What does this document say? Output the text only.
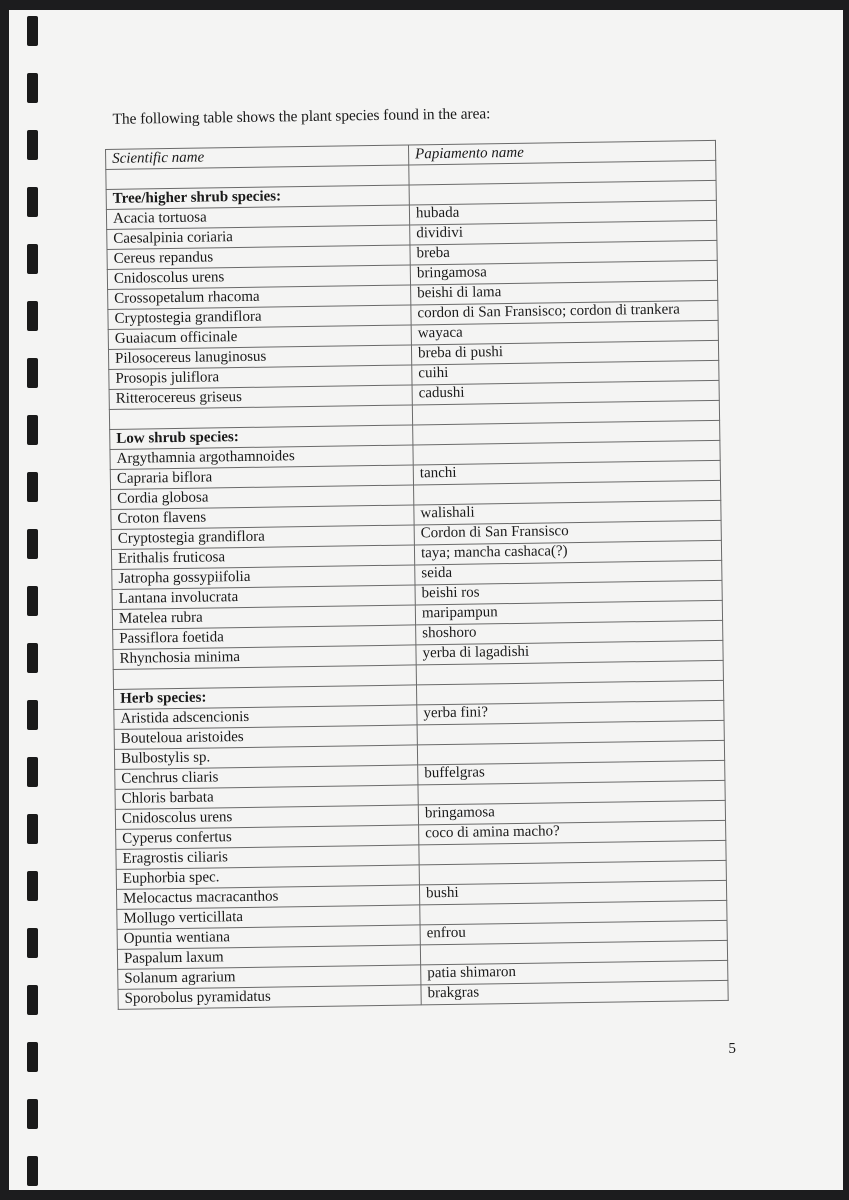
The following table shows the plant species found in the area:
Scientific name	Papiamento name

Tree/higher shrub species:	
Acacia tortuosa	hubada
Caesalpinia coriaria	dividivi
Cereus repandus	breba
Cnidoscolus urens	bringamosa
Crossopetalum rhacoma	beishi di lama
Cryptostegia grandiflora	cordon di San Fransisco; cordon di trankera
Guaiacum officinale	wayaca
Pilosocereus lanuginosus	breba di pushi
Prosopis juliflora	cuihi
Ritterocereus griseus	cadushi

Low shrub species:	
Argythamnia argothamnoides	
Capraria biflora	tanchi
Cordia globosa	
Croton flavens	walishali
Cryptostegia grandiflora	Cordon di San Fransisco
Erithalis fruticosa	taya; mancha cashaca(?)
Jatropha gossypiifolia	seida
Lantana involucrata	beishi ros
Matelea rubra	maripampun
Passiflora foetida	shoshoro
Rhynchosia minima	yerba di lagadishi

Herb species:	
Aristida adscencionis	yerba fini?
Bouteloua aristoides	
Bulbostylis sp.	
Cenchrus cliaris	buffelgras
Chloris barbata	
Cnidoscolus urens	bringamosa
Cyperus confertus	coco di amina macho?
Eragrostis ciliaris	
Euphorbia spec.	
Melocactus macracanthos	bushi
Mollugo verticillata	
Opuntia wentiana	enfrou
Paspalum laxum	
Solanum agrarium	patia shimaron
Sporobolus pyramidatus	brakgras
5
